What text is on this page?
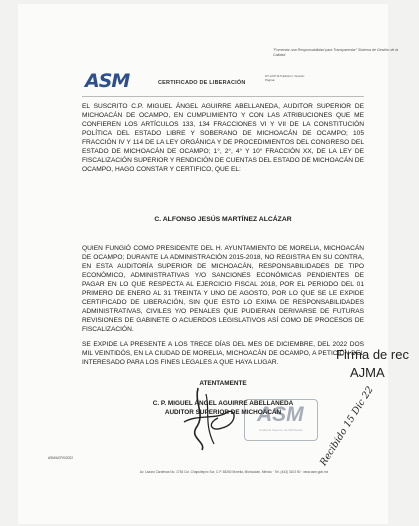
"Fomentar una Responsabilidad para Transparentar" Sistema de Gestión de la Calidad
ASM	CERTIFICADO DE LIBERACIÓN
DT-ACP-R-5 Edición: Versión: Página:
EL SUSCRITO C.P. MIGUEL ÁNGEL AGUIRRE ABELLANEDA, AUDITOR SUPERIOR DE MICHOACÁN DE OCAMPO, EN CUMPLIMIENTO Y CON LAS ATRIBUCIONES QUE ME CONFIEREN LOS ARTÍCULOS 133, 134 FRACCIONES VI Y VII DE LA CONSTITUCIÓN POLÍTICA DEL ESTADO LIBRE Y SOBERANO DE MICHOACÁN DE OCAMPO; 105 FRACCIÓN IV Y 114 DE LA LEY ORGÁNICA Y DE PROCEDIMIENTOS DEL CONGRESO DEL ESTADO DE MICHOACÁN DE OCAMPO; 1°, 2°, 4° Y 10° FRACCIÓN XX, DE LA LEY DE FISCALIZACIÓN SUPERIOR Y RENDICIÓN DE CUENTAS DEL ESTADO DE MICHOACÁN DE OCAMPO, HAGO CONSTAR Y CERTIFICO, QUE EL:
C. ALFONSO JESÚS MARTÍNEZ ALCÁZAR
QUIEN FUNGIÓ COMO PRESIDENTE DEL H. AYUNTAMIENTO DE MORELIA, MICHOACÁN DE OCAMPO; DURANTE LA ADMINISTRACIÓN 2015-2018, NO REGISTRA EN SU CONTRA, EN ESTA AUDITORÍA SUPERIOR DE MICHOACÁN, RESPONSABILIDADES DE TIPO ECONÓMICO, ADMINISTRATIVAS Y/O SANCIONES ECONÓMICAS PENDIENTES DE PAGAR EN LO QUE RESPECTA AL EJERCICIO FISCAL 2018, POR EL PERIODO DEL 01 PRIMERO DE ENERO AL 31 TREINTA Y UNO DE AGOSTO, POR LO QUE SE LE EXPIDE CERTIFICADO DE LIBERACIÓN, SIN QUE ESTO LO EXIMA DE RESPONSABILIDADES ADMINISTRATIVAS, CIVILES Y/O PENALES QUE PUDIERAN DERIVARSE DE FUTURAS REVISIONES DE GABINETE O ACUERDOS LEGISLATIVOS ASÍ COMO DE PROCESOS DE FISCALIZACIÓN.
SE EXPIDE LA PRESENTE A LOS TRECE DÍAS DEL MES DE DICIEMBRE, DEL 2022 DOS MIL VEINTIDÓS, EN LA CIUDAD DE MORELIA, MICHOACÁN DE OCAMPO, A PETICIÓN DEL INTERESADO PARA LOS FINES LEGALES A QUE HAYA LUGAR.
ATENTAMENTE
ASM
Auditoría Superior de Michoacán
C. P. MIGUEL ÁNGEL AGUIRRE ABELLANEDA
AUDITOR SUPERIOR DE MICHOACÁN
ASM/ACP/0/2022
Av. Lázaro Cárdenas No. 1754 Col. Chapultepec Sur, C.P. 58260 Morelia, Michoacán, México · Tel. (443) 3103 50 · www.asm.gob.mx
Firma de rec
AJMA
Recibido 15 Dic 22
